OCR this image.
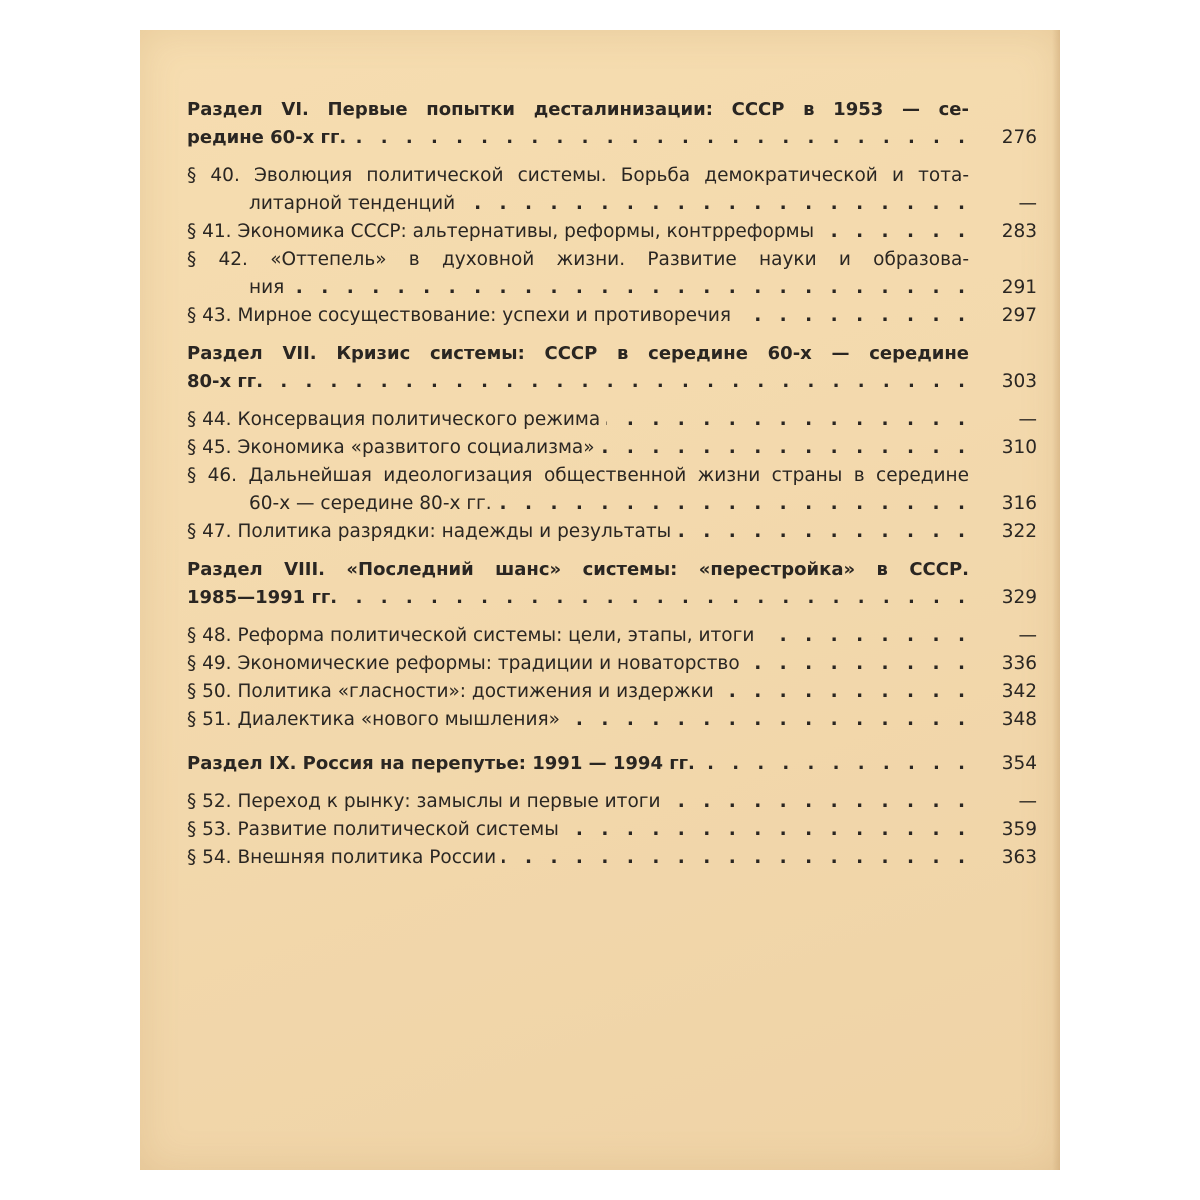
Раздел VI. Первые попытки десталинизации: СССР в 1953 — се-
редине 60-х гг. . . .	276
§ 40. Эволюция политической системы. Борьба демократической и тота-
литарной тенденций . . .	—
§ 41.
Экономика СССР: альтернативы, реформы, контрреформы . . .	283
§ 42. «Оттепель» в духовной жизни. Развитие науки и образова-
ния . . .	291
§ 43.
Мирное сосуществование: успехи и противоречия . . .	297
Раздел VII. Кризис системы: СССР в середине 60-х — середине
80-х гг. . . .	303
§ 44.
Консервация политического режима . . .	—
§ 45.
Экономика «развитого социализма» . . .	310
§ 46. Дальнейшая идеологизация общественной жизни страны в середине
60-х — середине 80-х гг. . . .	316
§ 47.
Политика разрядки: надежды и результаты . . .	322
Раздел VIII. «Последний шанс» системы: «перестройка» в СССР.
1985—1991 гг. . . .	329
§ 48.
Реформа политической системы: цели, этапы, итоги . . .	—
§ 49.
Экономические реформы: традиции и новаторство . . .	336
§ 50.
Политика «гласности»: достижения и издержки . . .	342
§ 51.
Диалектика «нового мышления» . . .	348
Раздел IX. Россия на перепутье: 1991 — 1994 гг. . . .	354
§ 52.
Переход к рынку: замыслы и первые итоги . . .	—
§ 53.
Развитие политической системы . . .	359
§ 54.
Внешняя политика России . . .	363
